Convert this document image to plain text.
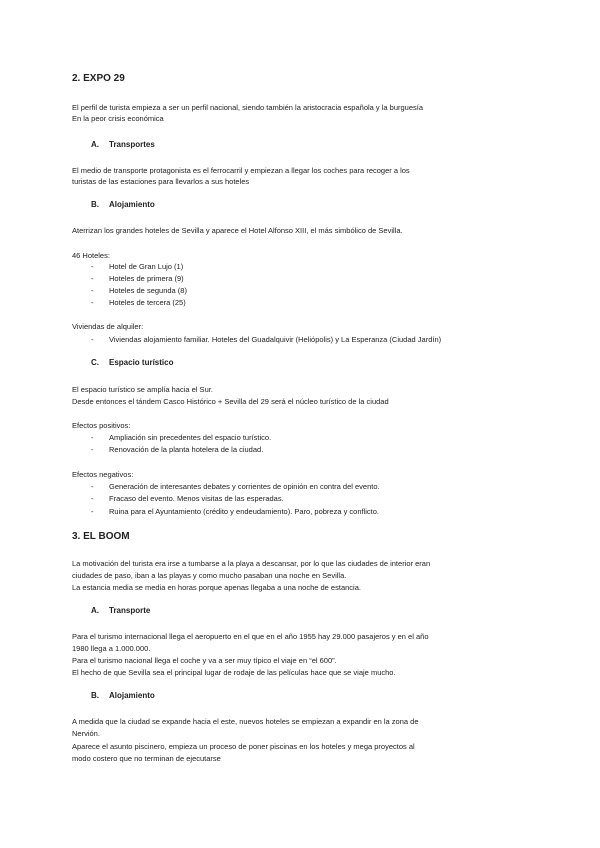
2. EXPO 29
El perfil de turista empieza a ser un perfil nacional, siendo también la aristocracia española y la burguesía
En la peor crisis económica
A. Transportes
El medio de transporte protagonista es el ferrocarril y empiezan a llegar los coches para recoger a los
turistas de las estaciones para llevarlos a sus hoteles
B. Alojamiento
Aterrizan los grandes hoteles de Sevilla y aparece el Hotel Alfonso XIII, el más simbólico de Sevilla.
46 Hoteles:
- Hotel de Gran Lujo (1)
- Hoteles de primera (9)
- Hoteles de segunda (8)
- Hoteles de tercera (25)
Viviendas de alquiler:
- Viviendas alojamiento familiar. Hoteles del Guadalquivir (Heliópolis) y La Esperanza (Ciudad Jardín)
C. Espacio turístico
El espacio turístico se amplía hacia el Sur.
Desde entonces el tándem Casco Histórico + Sevilla del 29 será el núcleo turístico de la ciudad
Efectos positivos:
- Ampliación sin precedentes del espacio turístico.
- Renovación de la planta hotelera de la ciudad.
Efectos negativos:
- Generación de interesantes debates y corrientes de opinión en contra del evento.
- Fracaso del evento. Menos visitas de las esperadas.
- Ruina para el Ayuntamiento (crédito y endeudamiento). Paro, pobreza y conflicto.
3. EL BOOM
La motivación del turista era irse a tumbarse a la playa a descansar, por lo que las ciudades de interior eran
ciudades de paso, iban a las playas y como mucho pasaban una noche en Sevilla.
La estancia media se media en horas porque apenas llegaba a una noche de estancia.
A. Transporte
Para el turismo internacional llega el aeropuerto en el que en el año 1955 hay 29.000 pasajeros y en el año
1980 llega a 1.000.000.
Para el turismo nacional llega el coche y va a ser muy típico el viaje en “el 600”.
El hecho de que Sevilla sea el principal lugar de rodaje de las películas hace que se viaje mucho.
B. Alojamiento
A medida que la ciudad se expande hacia el este, nuevos hoteles se empiezan a expandir en la zona de
Nervión.
Aparece el asunto piscinero, empieza un proceso de poner piscinas en los hoteles y mega proyectos al
modo costero que no terminan de ejecutarse
